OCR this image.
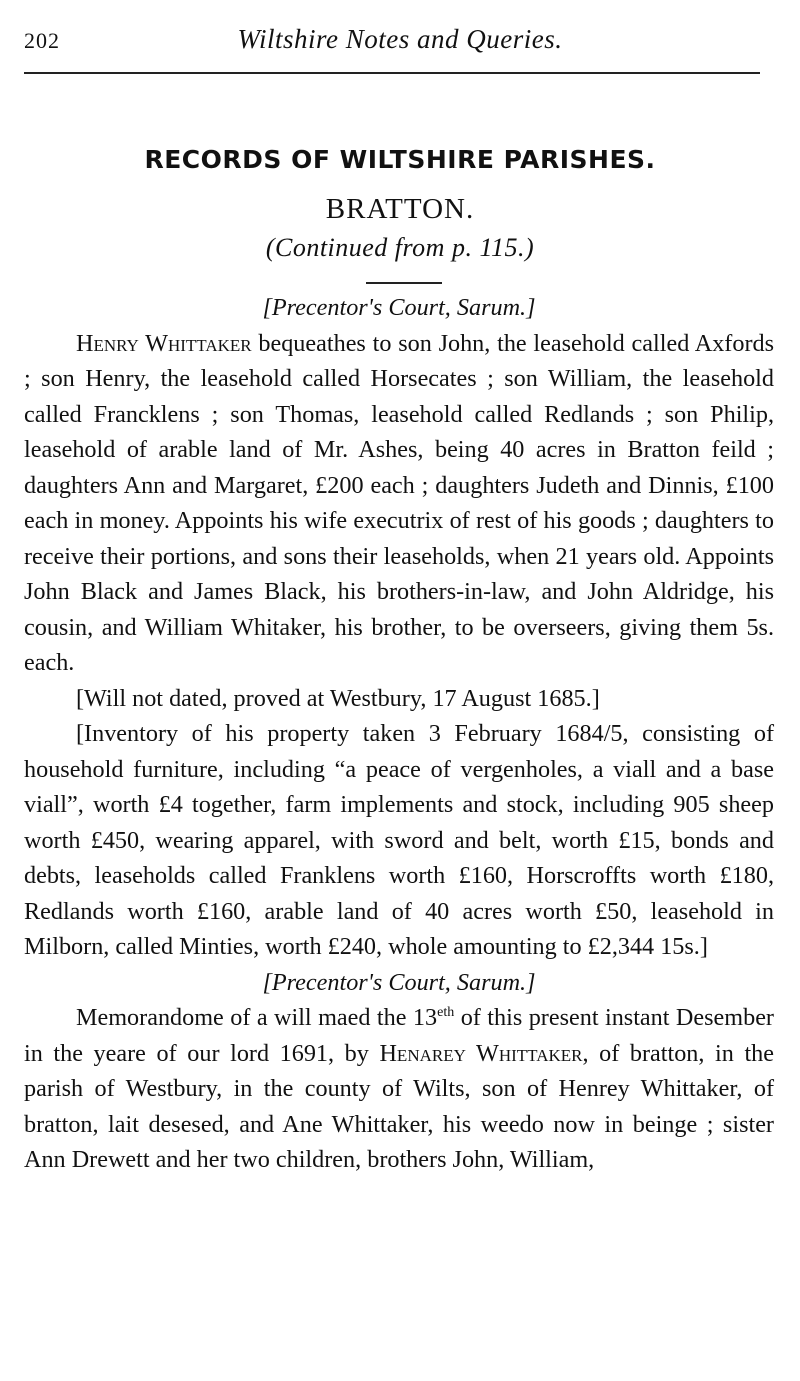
202	Wiltshire Notes and Queries.
RECORDS OF WILTSHIRE PARISHES.
BRATTON.
(Continued from p. 115.)

[Precentor's Court, Sarum.]

Henry Whittaker bequeathes to son John, the leasehold called Axfords ; son Henry, the leasehold called Horsecates ; son William, the leasehold called Francklens ; son Thomas, leasehold called Redlands ; son Philip, leasehold of arable land of Mr. Ashes, being 40 acres in Bratton feild ; daughters Ann and Margaret, £200 each ; daughters Judeth and Dinnis, £100 each in money. Appoints his wife executrix of rest of his goods ; daughters to receive their portions, and sons their leaseholds, when 21 years old. Appoints John Black and James Black, his brothers-in-law, and John Aldridge, his cousin, and William Whitaker, his brother, to be overseers, giving them 5s. each.

[Will not dated, proved at Westbury, 17 August 1685.]

[Inventory of his property taken 3 February 1684/5, consisting of household furniture, including “a peace of vergenholes, a viall and a base viall”, worth £4 together, farm implements and stock, including 905 sheep worth £450, wearing apparel, with sword and belt, worth £15, bonds and debts, leaseholds called Franklens worth £160, Horscroffts worth £180, Redlands worth £160, arable land of 40 acres worth £50, leasehold in Milborn, called Minties, worth £240, whole amounting to £2,344 15s.]

[Precentor's Court, Sarum.]

Memorandome of a will maed the $13^{eth}$ of this present instant Desember in the yeare of our lord 1691, by Henarey Whittaker, of bratton, in the parish of Westbury, in the county of Wilts, son of Henrey Whittaker, of bratton, lait desesed, and Ane Whittaker, his weedo now in beinge ; sister Ann Drewett and her two children, brothers John, William,
